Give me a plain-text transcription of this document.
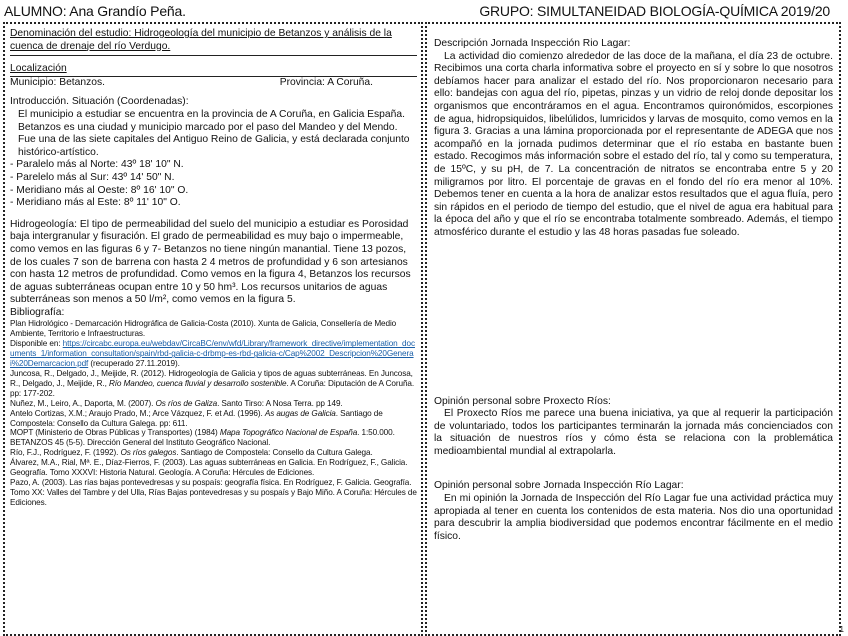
ALUMNO: Ana Grandío Peña.	GRUPO: SIMULTANEIDAD BIOLOGÍA-QUÍMICA 2019/20

Denominación del estudio: Hidrogeología del municipio de Betanzos y análisis de la cuenca de drenaje del río Verdugo.

Localización

Municipio: Betanzos.	Provincia: A Coruña.

Introducción. Situación (Coordenadas):

El municipio a estudiar se encuentra en la provincia de A Coruña, en Galicia España.

Betanzos es una ciudad y municipio marcado por el paso del Mandeo y del Mendo. Fue una de las siete capitales del Antiguo Reino de Galicia, y está declarada conjunto histórico-artístico.

- Paralelo más al Norte: 43º 18' 10" N.

- Parelelo más al Sur: 43º 14' 50" N.

- Meridiano más al Oeste: 8º 16' 10" O.

- Meridiano más al Este: 8º 11' 10" O.

Hidrogeología: El tipo de permeabilidad del suelo del municipio a estudiar es Porosidad baja intergranular y fisuración. El grado de permeabilidad es muy bajo o impermeable, como vemos en las figuras 6 y 7- Betanzos no tiene ningún manantial. Tiene 13 pozos, de los cuales 7 son de barrena con hasta 2 4 metros de profundidad y 6 son artesianos con hasta 12 metros de profundidad. Como vemos en la figura 4, Betanzos los recursos de aguas subterráneas ocupan entre 10 y 50 hm³. Los recursos unitarios de aguas subterráneas son menos a 50 l/m², como vemos en la figura 5.

Bibliografía:

Plan Hidrológico - Demarcación Hidrográfica de Galicia-Costa (2010). Xunta de Galicia, Consellería de Medio Ambiente, Territorio e Infraestructuras.

Disponible en: https://circabc.europa.eu/webdav/CircaBC/env/wfd/Library/framework_directive/implementation_documents_1/information_consultation/spain/rbd-galicia-c-drbmp-es-rbd-galicia-c/Cap%2002_Descripcion%20Generai%20Demarcacion.pdf (recuperado 27.11.2019).

Juncosa, R., Delgado, J., Meijide, R. (2012). Hidrogeología de Galicia y tipos de aguas subterráneas. En Juncosa, R., Delgado, J., Meijide, R., Río Mandeo, cuenca fluvial y desarrollo sostenible. A Coruña: Diputación de A Coruña. pp: 177-202.

Nuñez, M., Leiro, A., Daporta, M. (2007). Os ríos de Galiza. Santo Tirso: A Nosa Terra. pp 149.

Antelo Cortizas, X.M.; Araujo Prado, M.; Arce Vázquez, F. et Ad. (1996). As augas de Galicia. Santiago de Compostela: Consello da Cultura Galega. pp: 611.

MOPT (Ministerio de Obras Públicas y Transportes) (1984) Mapa Topográfico Nacional de España. 1:50.000. BETANZOS 45 (5-5). Dirección General del Instituto Geográfico Nacional.

Río, F.J., Rodríguez, F. (1992). Os ríos galegos. Santiago de Compostela: Consello da Cultura Galega.

Álvarez, M.A., Rial, Mª. E., Díaz-Fierros, F. (2003). Las aguas subterráneas en Galicia. En Rodríguez, F., Galicia. Geografía. Tomo XXXVI: Historia Natural. Geología. A Coruña: Hércules de Ediciones.

Pazo, A. (2003). Las rías bajas pontevedresas y su pospaís: geografía física. En Rodríguez, F. Galicia. Geografía. Tomo XX: Valles del Tambre y del Ulla, Rías Bajas pontevedresas y su pospaís y Bajo Miño. A Coruña: Hércules de Ediciones.

Descripción Jornada Inspección Rio Lagar:

La actividad dio comienzo alrededor de las doce de la mañana, el día 23 de octubre. Recibimos una corta charla informativa sobre el proyecto en sí y sobre lo que nosotros debíamos hacer para analizar el estado del río. Nos proporcionaron necesario para ello: bandejas con agua del río, pipetas, pinzas y un vidrio de reloj donde depositar los organismos que encontráramos en el agua. Encontramos quironómidos, escorpiones de agua, hidropsiquidos, libelúlidos, lumricidos y larvas de mosquito, como vemos en la figura 3. Gracias a una lámina proporcionada por el representante de ADEGA que nos acompañó en la jornada pudimos determinar que el río estaba en bastante buen estado. Recogimos más información sobre el estado del río, tal y como su temperatura, de 15ºC, y su pH, de 7. La concentración de nitratos se encontraba entre 5 y 20 miligramos por litro. El porcentaje de gravas en el fondo del río era menor al 10%. Debemos tener en cuenta a la hora de analizar estos resultados que el agua fluía, pero sin rápidos en el periodo de tiempo del estudio, que el nivel de agua era habitual para la época del año y que el río se encontraba totalmente sombreado. Además, el tiempo atmosférico durante el estudio y las 48 horas pasadas fue soleado.

Opinión personal sobre Proxecto Ríos:

El Proxecto Ríos me parece una buena iniciativa, ya que al requerir la participación de voluntariado, todos los participantes terminarán la jornada más concienciados con la situación de nuestros ríos y cómo ésta se relaciona con la problemática medioambiental mundial al extrapolarla.

Opinión personal sobre Jornada Inspección Río Lagar:

En mi opinión la Jornada de Inspección del Río Lagar fue una actividad práctica muy apropiada al tener en cuenta los contenidos de esta materia. Nos dio una oportunidad para descubrir la amplia biodiversidad que podemos encontrar fácilmente en el medio físico.

1
